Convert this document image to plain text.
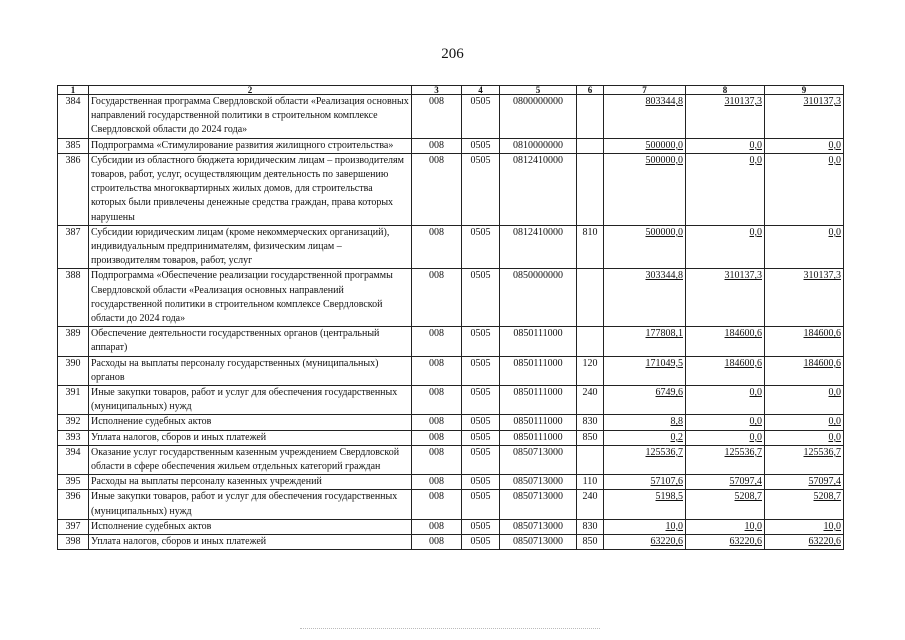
206
1	2	3	4	5	6	7	8	9
384	Государственная программа Свердловской области «Реализация основных направлений государственной политики в строительном комплексе Свердловской области до 2024 года»	008	0505	0800000000		803344,8	310137,3	310137,3
385	Подпрограмма «Стимулирование развития жилищного строительства»	008	0505	0810000000		500000,0	0,0	0,0
386	Субсидии из областного бюджета юридическим лицам – производителям товаров, работ, услуг, осуществляющим деятельность по завершению строительства многоквартирных жилых домов, для строительства которых были привлечены денежные средства граждан, права которых нарушены	008	0505	0812410000		500000,0	0,0	0,0
387	Субсидии юридическим лицам (кроме некоммерческих организаций), индивидуальным предпринимателям, физическим лицам – производителям товаров, работ, услуг	008	0505	0812410000	810	500000,0	0,0	0,0
388	Подпрограмма «Обеспечение реализации государственной программы Свердловской области «Реализация основных направлений государственной политики в строительном комплексе Свердловской области до 2024 года»	008	0505	0850000000		303344,8	310137,3	310137,3
389	Обеспечение деятельности государственных органов (центральный аппарат)	008	0505	0850111000		177808,1	184600,6	184600,6
390	Расходы на выплаты персоналу государственных (муниципальных) органов	008	0505	0850111000	120	171049,5	184600,6	184600,6
391	Иные закупки товаров, работ и услуг для обеспечения государственных (муниципальных) нужд	008	0505	0850111000	240	6749,6	0,0	0,0
392	Исполнение судебных актов	008	0505	0850111000	830	8,8	0,0	0,0
393	Уплата налогов, сборов и иных платежей	008	0505	0850111000	850	0,2	0,0	0,0
394	Оказание услуг государственным казенным учреждением Свердловской области в сфере обеспечения жильем отдельных категорий граждан	008	0505	0850713000		125536,7	125536,7	125536,7
395	Расходы на выплаты персоналу казенных учреждений	008	0505	0850713000	110	57107,6	57097,4	57097,4
396	Иные закупки товаров, работ и услуг для обеспечения государственных (муниципальных) нужд	008	0505	0850713000	240	5198,5	5208,7	5208,7
397	Исполнение судебных актов	008	0505	0850713000	830	10,0	10,0	10,0
398	Уплата налогов, сборов и иных платежей	008	0505	0850713000	850	63220,6	63220,6	63220,6
